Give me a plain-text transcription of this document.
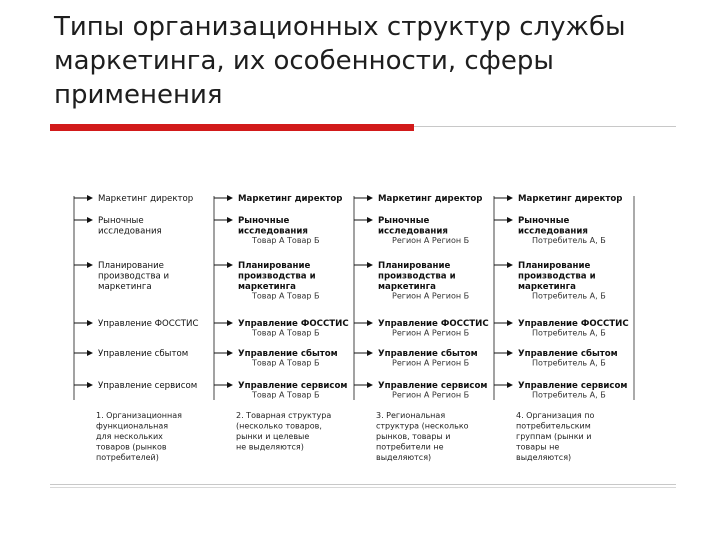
Типы организационных структур службы
маркетинга, их особенности, сферы
применения
Маркетинг директор
Рыночные
исследования
Планирование
производства и
маркетинга
Управление ФОССТИС
Управление сбытом
Управление сервисом
1. Организационная
функциональная
для нескольких
товаров (рынков
потребителей)
Маркетинг директор
Рыночные
исследования
Товар А Товар Б
Планирование
производства и
маркетинга
Товар А Товар Б
Управление ФОССТИС
Товар А Товар Б
Управление сбытом
Товар А Товар Б
Управление сервисом
Товар А Товар Б
2. Товарная структура
(несколько товаров,
рынки и целевые
не выделяются)
Маркетинг директор
Рыночные
исследования
Регион А Регион Б
Планирование
производства и
маркетинга
Регион А Регион Б
Управление ФОССТИС
Регион А Регион Б
Управление сбытом
Регион А Регион Б
Управление сервисом
Регион А Регион Б
3. Региональная
структура (несколько
рынков, товары и
потребители не
выделяются)
Маркетинг директор
Рыночные
исследования
Потребитель А, Б
Планирование
производства и
маркетинга
Потребитель А, Б
Управление ФОССТИС
Потребитель А, Б
Управление сбытом
Потребитель А, Б
Управление сервисом
Потребитель А, Б
4. Организация по
потребительским
группам (рынки и
товары не
выделяются)
